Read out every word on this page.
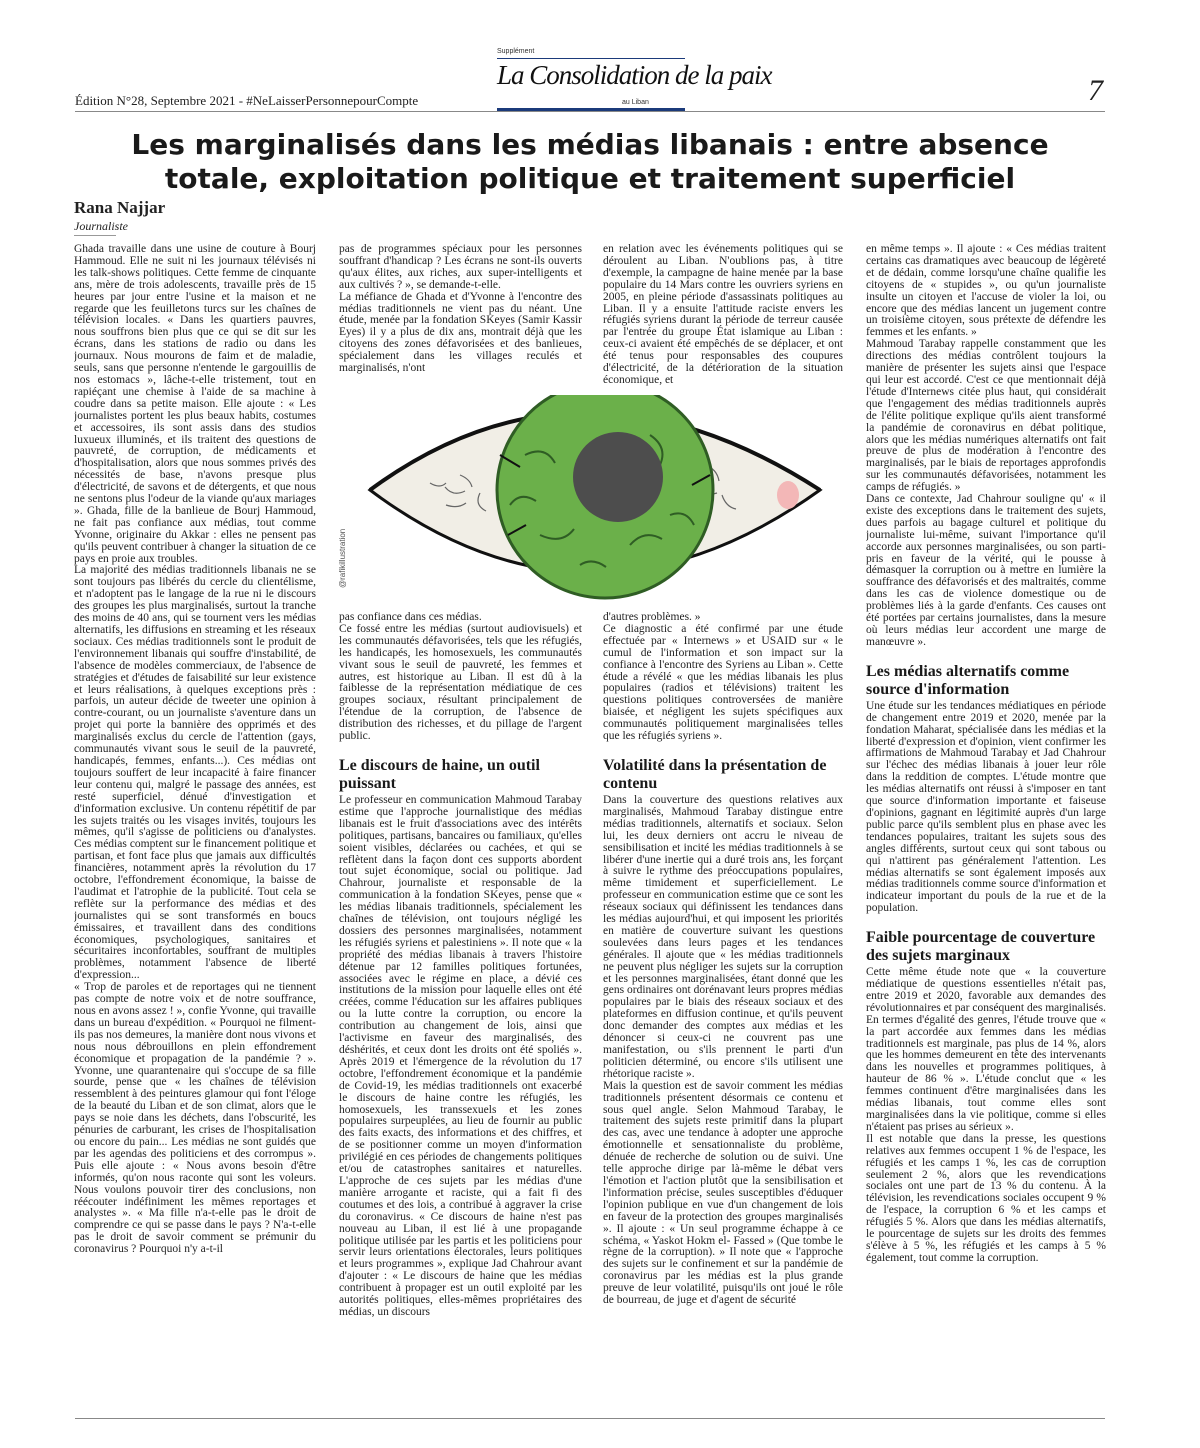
Supplément
La Consolidation de la paix
au Liban
Édition N°28, Septembre 2021 - #NeLaisserPersonnepourCompte	7
Les marginalisés dans les médias libanais : entre absence totale, exploitation politique et traitement superficiel
Rana Najjar
Journaliste

Ghada travaille dans une usine de couture à Bourj Hammoud. Elle ne suit ni les journaux télévisés ni les talk-shows politiques. Cette femme de cinquante ans, mère de trois adolescents, travaille près de 15 heures par jour entre l'usine et la maison et ne regarde que les feuilletons turcs sur les chaînes de télévision locales. « Dans les quartiers pauvres, nous souffrons bien plus que ce qui se dit sur les écrans, dans les stations de radio ou dans les journaux. Nous mourons de faim et de maladie, seuls, sans que personne n'entende le gargouillis de nos estomacs », lâche-t-elle tristement, tout en rapiéçant une chemise à l'aide de sa machine à coudre dans sa petite maison. Elle ajoute : « Les journalistes portent les plus beaux habits, costumes et accessoires, ils sont assis dans des studios luxueux illuminés, et ils traitent des questions de pauvreté, de corruption, de médicaments et d'hospitalisation, alors que nous sommes privés des nécessités de base, n'avons presque plus d'électricité, de savons et de détergents, et que nous ne sentons plus l'odeur de la viande qu'aux mariages ». Ghada, fille de la banlieue de Bourj Hammoud, ne fait pas confiance aux médias, tout comme Yvonne, originaire du Akkar : elles ne pensent pas qu'ils peuvent contribuer à changer la situation de ce pays en proie aux troubles.

La majorité des médias traditionnels libanais ne se sont toujours pas libérés du cercle du clientélisme, et n'adoptent pas le langage de la rue ni le discours des groupes les plus marginalisés, surtout la tranche des moins de 40 ans, qui se tournent vers les médias alternatifs, les diffusions en streaming et les réseaux sociaux. Ces médias traditionnels sont le produit de l'environnement libanais qui souffre d'instabilité, de l'absence de modèles commerciaux, de l'absence de stratégies et d'études de faisabilité sur leur existence et leurs réalisations, à quelques exceptions près : parfois, un auteur décide de tweeter une opinion à contre-courant, ou un journaliste s'aventure dans un projet qui porte la bannière des opprimés et des marginalisés exclus du cercle de l'attention (gays, communautés vivant sous le seuil de la pauvreté, handicapés, femmes, enfants...). Ces médias ont toujours souffert de leur incapacité à faire financer leur contenu qui, malgré le passage des années, est resté superficiel, dénué d'investigation et d'information exclusive. Un contenu répétitif de par les sujets traités ou les visages invités, toujours les mêmes, qu'il s'agisse de politiciens ou d'analystes. Ces médias comptent sur le financement politique et partisan, et font face plus que jamais aux difficultés financières, notamment après la révolution du 17 octobre, l'effondrement économique, la baisse de l'audimat et l'atrophie de la publicité. Tout cela se reflète sur la performance des médias et des journalistes qui se sont transformés en boucs émissaires, et travaillent dans des conditions économiques, psychologiques, sanitaires et sécuritaires inconfortables, souffrant de multiples problèmes, notamment l'absence de liberté d'expression...

« Trop de paroles et de reportages qui ne tiennent pas compte de notre voix et de notre souffrance, nous en avons assez ! », confie Yvonne, qui travaille dans un bureau d'expédition. « Pourquoi ne filment-ils pas nos demeures, la manière dont nous vivons et nous nous débrouillons en plein effondrement économique et propagation de la pandémie ? ». Yvonne, une quarantenaire qui s'occupe de sa fille sourde, pense que « les chaînes de télévision ressemblent à des peintures glamour qui font l'éloge de la beauté du Liban et de son climat, alors que le pays se noie dans les déchets, dans l'obscurité, les pénuries de carburant, les crises de l'hospitalisation ou encore du pain... Les médias ne sont guidés que par les agendas des politiciens et des corrompus ». Puis elle ajoute : « Nous avons besoin d'être informés, qu'on nous raconte qui sont les voleurs. Nous voulons pouvoir tirer des conclusions, non réécouter indéfiniment les mêmes reportages et analystes ». « Ma fille n'a-t-elle pas le droit de comprendre ce qui se passe dans le pays ? N'a-t-elle pas le droit de savoir comment se prémunir du coronavirus ? Pourquoi n'y a-t-il

pas de programmes spéciaux pour les personnes souffrant d'handicap ? Les écrans ne sont-ils ouverts qu'aux élites, aux riches, aux super-intelligents et aux cultivés ? », se demande-t-elle.

La méfiance de Ghada et d'Yvonne à l'encontre des médias traditionnels ne vient pas du néant. Une étude, menée par la fondation SKeyes (Samir Kassir Eyes) il y a plus de dix ans, montrait déjà que les citoyens des zones défavorisées et des banlieues, spécialement dans les villages reculés et marginalisés, n'ont

en relation avec les événements politiques qui se déroulent au Liban. N'oublions pas, à titre d'exemple, la campagne de haine menée par la base populaire du 14 Mars contre les ouvriers syriens en 2005, en pleine période d'assassinats politiques au Liban. Il y a ensuite l'attitude raciste envers les réfugiés syriens durant la période de terreur causée par l'entrée du groupe État islamique au Liban : ceux-ci avaient été empêchés de se déplacer, et ont été tenus pour responsables des coupures d'électricité, de la détérioration de la situation économique, et

@rafikillustration

pas confiance dans ces médias.

Ce fossé entre les médias (surtout audiovisuels) et les communautés défavorisées, tels que les réfugiés, les handicapés, les homosexuels, les communautés vivant sous le seuil de pauvreté, les femmes et autres, est historique au Liban. Il est dû à la faiblesse de la représentation médiatique de ces groupes sociaux, résultant principalement de l'étendue de la corruption, de l'absence de distribution des richesses, et du pillage de l'argent public.

Le discours de haine, un outil puissant

Le professeur en communication Mahmoud Tarabay estime que l'approche journalistique des médias libanais est le fruit d'associations avec des intérêts politiques, partisans, bancaires ou familiaux, qu'elles soient visibles, déclarées ou cachées, et qui se reflètent dans la façon dont ces supports abordent tout sujet économique, social ou politique. Jad Chahrour, journaliste et responsable de la communication à la fondation SKeyes, pense que « les médias libanais traditionnels, spécialement les chaînes de télévision, ont toujours négligé les dossiers des personnes marginalisées, notamment les réfugiés syriens et palestiniens ». Il note que « la propriété des médias libanais à travers l'histoire détenue par 12 familles politiques fortunées, associées avec le régime en place, a dévié ces institutions de la mission pour laquelle elles ont été créées, comme l'éducation sur les affaires publiques ou la lutte contre la corruption, ou encore la contribution au changement de lois, ainsi que l'activisme en faveur des marginalisés, des déshérités, et ceux dont les droits ont été spoliés ». Après 2019 et l'émergence de la révolution du 17 octobre, l'effondrement économique et la pandémie de Covid-19, les médias traditionnels ont exacerbé le discours de haine contre les réfugiés, les homosexuels, les transsexuels et les zones populaires surpeuplées, au lieu de fournir au public des faits exacts, des informations et des chiffres, et de se positionner comme un moyen d'information privilégié en ces périodes de changements politiques et/ou de catastrophes sanitaires et naturelles. L'approche de ces sujets par les médias d'une manière arrogante et raciste, qui a fait fi des coutumes et des lois, a contribué à aggraver la crise du coronavirus. « Ce discours de haine n'est pas nouveau au Liban, il est lié à une propagande politique utilisée par les partis et les politiciens pour servir leurs orientations électorales, leurs politiques et leurs programmes », explique Jad Chahrour avant d'ajouter : « Le discours de haine que les médias contribuent à propager est un outil exploité par les autorités politiques, elles-mêmes propriétaires des médias, un discours

d'autres problèmes. »

Ce diagnostic a été confirmé par une étude effectuée par « Internews » et USAID sur « le cumul de l'information et son impact sur la confiance à l'encontre des Syriens au Liban ». Cette étude a révélé « que les médias libanais les plus populaires (radios et télévisions) traitent les questions politiques controversées de manière biaisée, et négligent les sujets spécifiques aux communautés politiquement marginalisées telles que les réfugiés syriens ».

Volatilité dans la présentation de contenu

Dans la couverture des questions relatives aux marginalisés, Mahmoud Tarabay distingue entre médias traditionnels, alternatifs et sociaux. Selon lui, les deux derniers ont accru le niveau de sensibilisation et incité les médias traditionnels à se libérer d'une inertie qui a duré trois ans, les forçant à suivre le rythme des préoccupations populaires, même timidement et superficiellement. Le professeur en communication estime que ce sont les réseaux sociaux qui définissent les tendances dans les médias aujourd'hui, et qui imposent les priorités en matière de couverture suivant les questions soulevées dans leurs pages et les tendances générales. Il ajoute que « les médias traditionnels ne peuvent plus négliger les sujets sur la corruption et les personnes marginalisées, étant donné que les gens ordinaires ont dorénavant leurs propres médias populaires par le biais des réseaux sociaux et des plateformes en diffusion continue, et qu'ils peuvent donc demander des comptes aux médias et les dénoncer si ceux-ci ne couvrent pas une manifestation, ou s'ils prennent le parti d'un politicien déterminé, ou encore s'ils utilisent une rhétorique raciste ».

Mais la question est de savoir comment les médias traditionnels présentent désormais ce contenu et sous quel angle. Selon Mahmoud Tarabay, le traitement des sujets reste primitif dans la plupart des cas, avec une tendance à adopter une approche émotionnelle et sensationnaliste du problème, dénuée de recherche de solution ou de suivi. Une telle approche dirige par là-même le débat vers l'émotion et l'action plutôt que la sensibilisation et l'information précise, seules susceptibles d'éduquer l'opinion publique en vue d'un changement de lois en faveur de la protection des groupes marginalisés ». Il ajoute : « Un seul programme échappe à ce schéma, « Yaskot Hokm el- Fassed » (Que tombe le règne de la corruption). » Il note que « l'approche des sujets sur le confinement et sur la pandémie de coronavirus par les médias est la plus grande preuve de leur volatilité, puisqu'ils ont joué le rôle de bourreau, de juge et d'agent de sécurité

en même temps ». Il ajoute : « Ces médias traitent certains cas dramatiques avec beaucoup de légèreté et de dédain, comme lorsqu'une chaîne qualifie les citoyens de « stupides », ou qu'un journaliste insulte un citoyen et l'accuse de violer la loi, ou encore que des médias lancent un jugement contre un troisième citoyen, sous prétexte de défendre les femmes et les enfants. »

Mahmoud Tarabay rappelle constamment que les directions des médias contrôlent toujours la manière de présenter les sujets ainsi que l'espace qui leur est accordé. C'est ce que mentionnait déjà l'étude d'Internews citée plus haut, qui considérait que l'engagement des médias traditionnels auprès de l'élite politique explique qu'ils aient transformé la pandémie de coronavirus en débat politique, alors que les médias numériques alternatifs ont fait preuve de plus de modération à l'encontre des marginalisés, par le biais de reportages approfondis sur les communautés défavorisées, notamment les camps de réfugiés. »

Dans ce contexte, Jad Chahrour souligne qu' « il existe des exceptions dans le traitement des sujets, dues parfois au bagage culturel et politique du journaliste lui-même, suivant l'importance qu'il accorde aux personnes marginalisées, ou son parti-pris en faveur de la vérité, qui le pousse à démasquer la corruption ou à mettre en lumière la souffrance des défavorisés et des maltraités, comme dans les cas de violence domestique ou de problèmes liés à la garde d'enfants. Ces causes ont été portées par certains journalistes, dans la mesure où leurs médias leur accordent une marge de manœuvre ».

Les médias alternatifs comme source d'information

Une étude sur les tendances médiatiques en période de changement entre 2019 et 2020, menée par la fondation Maharat, spécialisée dans les médias et la liberté d'expression et d'opinion, vient confirmer les affirmations de Mahmoud Tarabay et Jad Chahrour sur l'échec des médias libanais à jouer leur rôle dans la reddition de comptes. L'étude montre que les médias alternatifs ont réussi à s'imposer en tant que source d'information importante et faiseuse d'opinions, gagnant en légitimité auprès d'un large public parce qu'ils semblent plus en phase avec les tendances populaires, traitant les sujets sous des angles différents, surtout ceux qui sont tabous ou qui n'attirent pas généralement l'attention. Les médias alternatifs se sont également imposés aux médias traditionnels comme source d'information et indicateur important du pouls de la rue et de la population.

Faible pourcentage de couverture des sujets marginaux

Cette même étude note que « la couverture médiatique de questions essentielles n'était pas, entre 2019 et 2020, favorable aux demandes des révolutionnaires et par conséquent des marginalisés. En termes d'égalité des genres, l'étude trouve que « la part accordée aux femmes dans les médias traditionnels est marginale, pas plus de 14 %, alors que les hommes demeurent en tête des intervenants dans les nouvelles et programmes politiques, à hauteur de 86 % ». L'étude conclut que « les femmes continuent d'être marginalisées dans les médias libanais, tout comme elles sont marginalisées dans la vie politique, comme si elles n'étaient pas prises au sérieux ».

Il est notable que dans la presse, les questions relatives aux femmes occupent 1 % de l'espace, les réfugiés et les camps 1 %, les cas de corruption seulement 2 %, alors que les revendications sociales ont une part de 13 % du contenu. À la télévision, les revendications sociales occupent 9 % de l'espace, la corruption 6 % et les camps et réfugiés 5 %. Alors que dans les médias alternatifs, le pourcentage de sujets sur les droits des femmes s'élève à 5 %, les réfugiés et les camps à 5 % également, tout comme la corruption.
